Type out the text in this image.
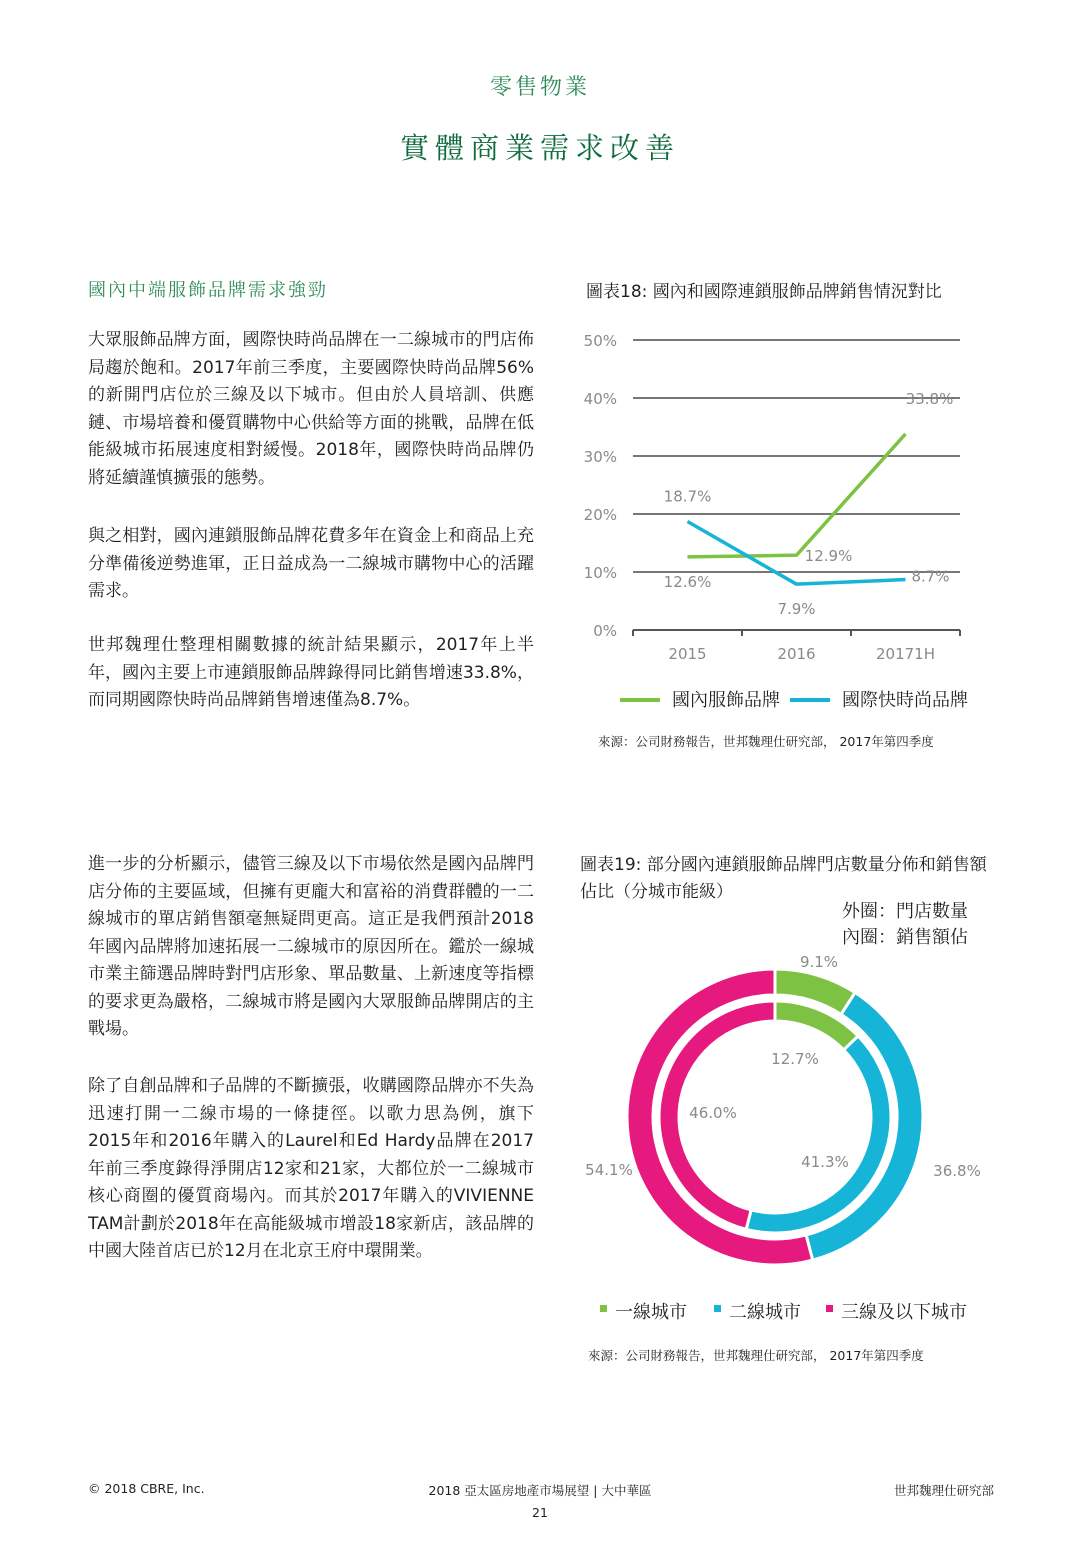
零售物業
實體商業需求改善
國內中端服飾品牌需求強勁

大眾服飾品牌方面，國際快時尚品牌在一二線城市的門店佈局趨於飽和。2017年前三季度，主要國際快時尚品牌56%的新開門店位於三線及以下城市。但由於人員培訓、供應鏈、市場培養和優質購物中心供給等方面的挑戰，品牌在低能級城市拓展速度相對緩慢。2018年，國際快時尚品牌仍將延續謹慎擴張的態勢。

與之相對，國內連鎖服飾品牌花費多年在資金上和商品上充分準備後逆勢進軍，正日益成為一二線城市購物中心的活躍需求。

世邦魏理仕整理相關數據的統計結果顯示，2017年上半年，國內主要上市連鎖服飾品牌錄得同比銷售增速33.8%，而同期國際快時尚品牌銷售增速僅為8.7%。

進一步的分析顯示，儘管三線及以下市場依然是國內品牌門店分佈的主要區域，但擁有更龐大和富裕的消費群體的一二線城市的單店銷售額毫無疑問更高。這正是我們預計2018年國內品牌將加速拓展一二線城市的原因所在。鑑於一線城市業主篩選品牌時對門店形象、單品數量、上新速度等指標的要求更為嚴格，二線城市將是國內大眾服飾品牌開店的主戰場。

除了自創品牌和子品牌的不斷擴張，收購國際品牌亦不失為迅速打開一二線市場的一條捷徑。以歌力思為例，旗下2015年和2016年購入的Laurel和Ed Hardy品牌在2017年前三季度錄得淨開店12家和21家，大都位於一二線城市核心商圈的優質商場內。而其於2017年購入的VIVIENNE TAM計劃於2018年在高能級城市增設18家新店，該品牌的中國大陸首店已於12月在北京王府中環開業。

圖表18: 國內和國際連鎖服飾品牌銷售情況對比
0%
10%
20%
30%
40%
50%
2015	2016	20171H
12.6%
12.9%
33.8%
18.7%
7.9%
8.7%
國內服飾品牌	國際快時尚品牌
來源：公司財務報告，世邦魏理仕研究部， 2017年第四季度
圖表19: 部分國內連鎖服飾品牌門店數量分佈和銷售額佔比（分城市能級）
外圈：門店數量
內圈：銷售額佔
9.1%
36.8%
54.1%
12.7%
41.3%
46.0%
一線城市 二線城市 三線及以下城市
來源：公司財務報告，世邦魏理仕研究部， 2017年第四季度
© 2018 CBRE, Inc.	2018 亞太區房地產市場展望 | 大中華區
21
世邦魏理仕研究部
